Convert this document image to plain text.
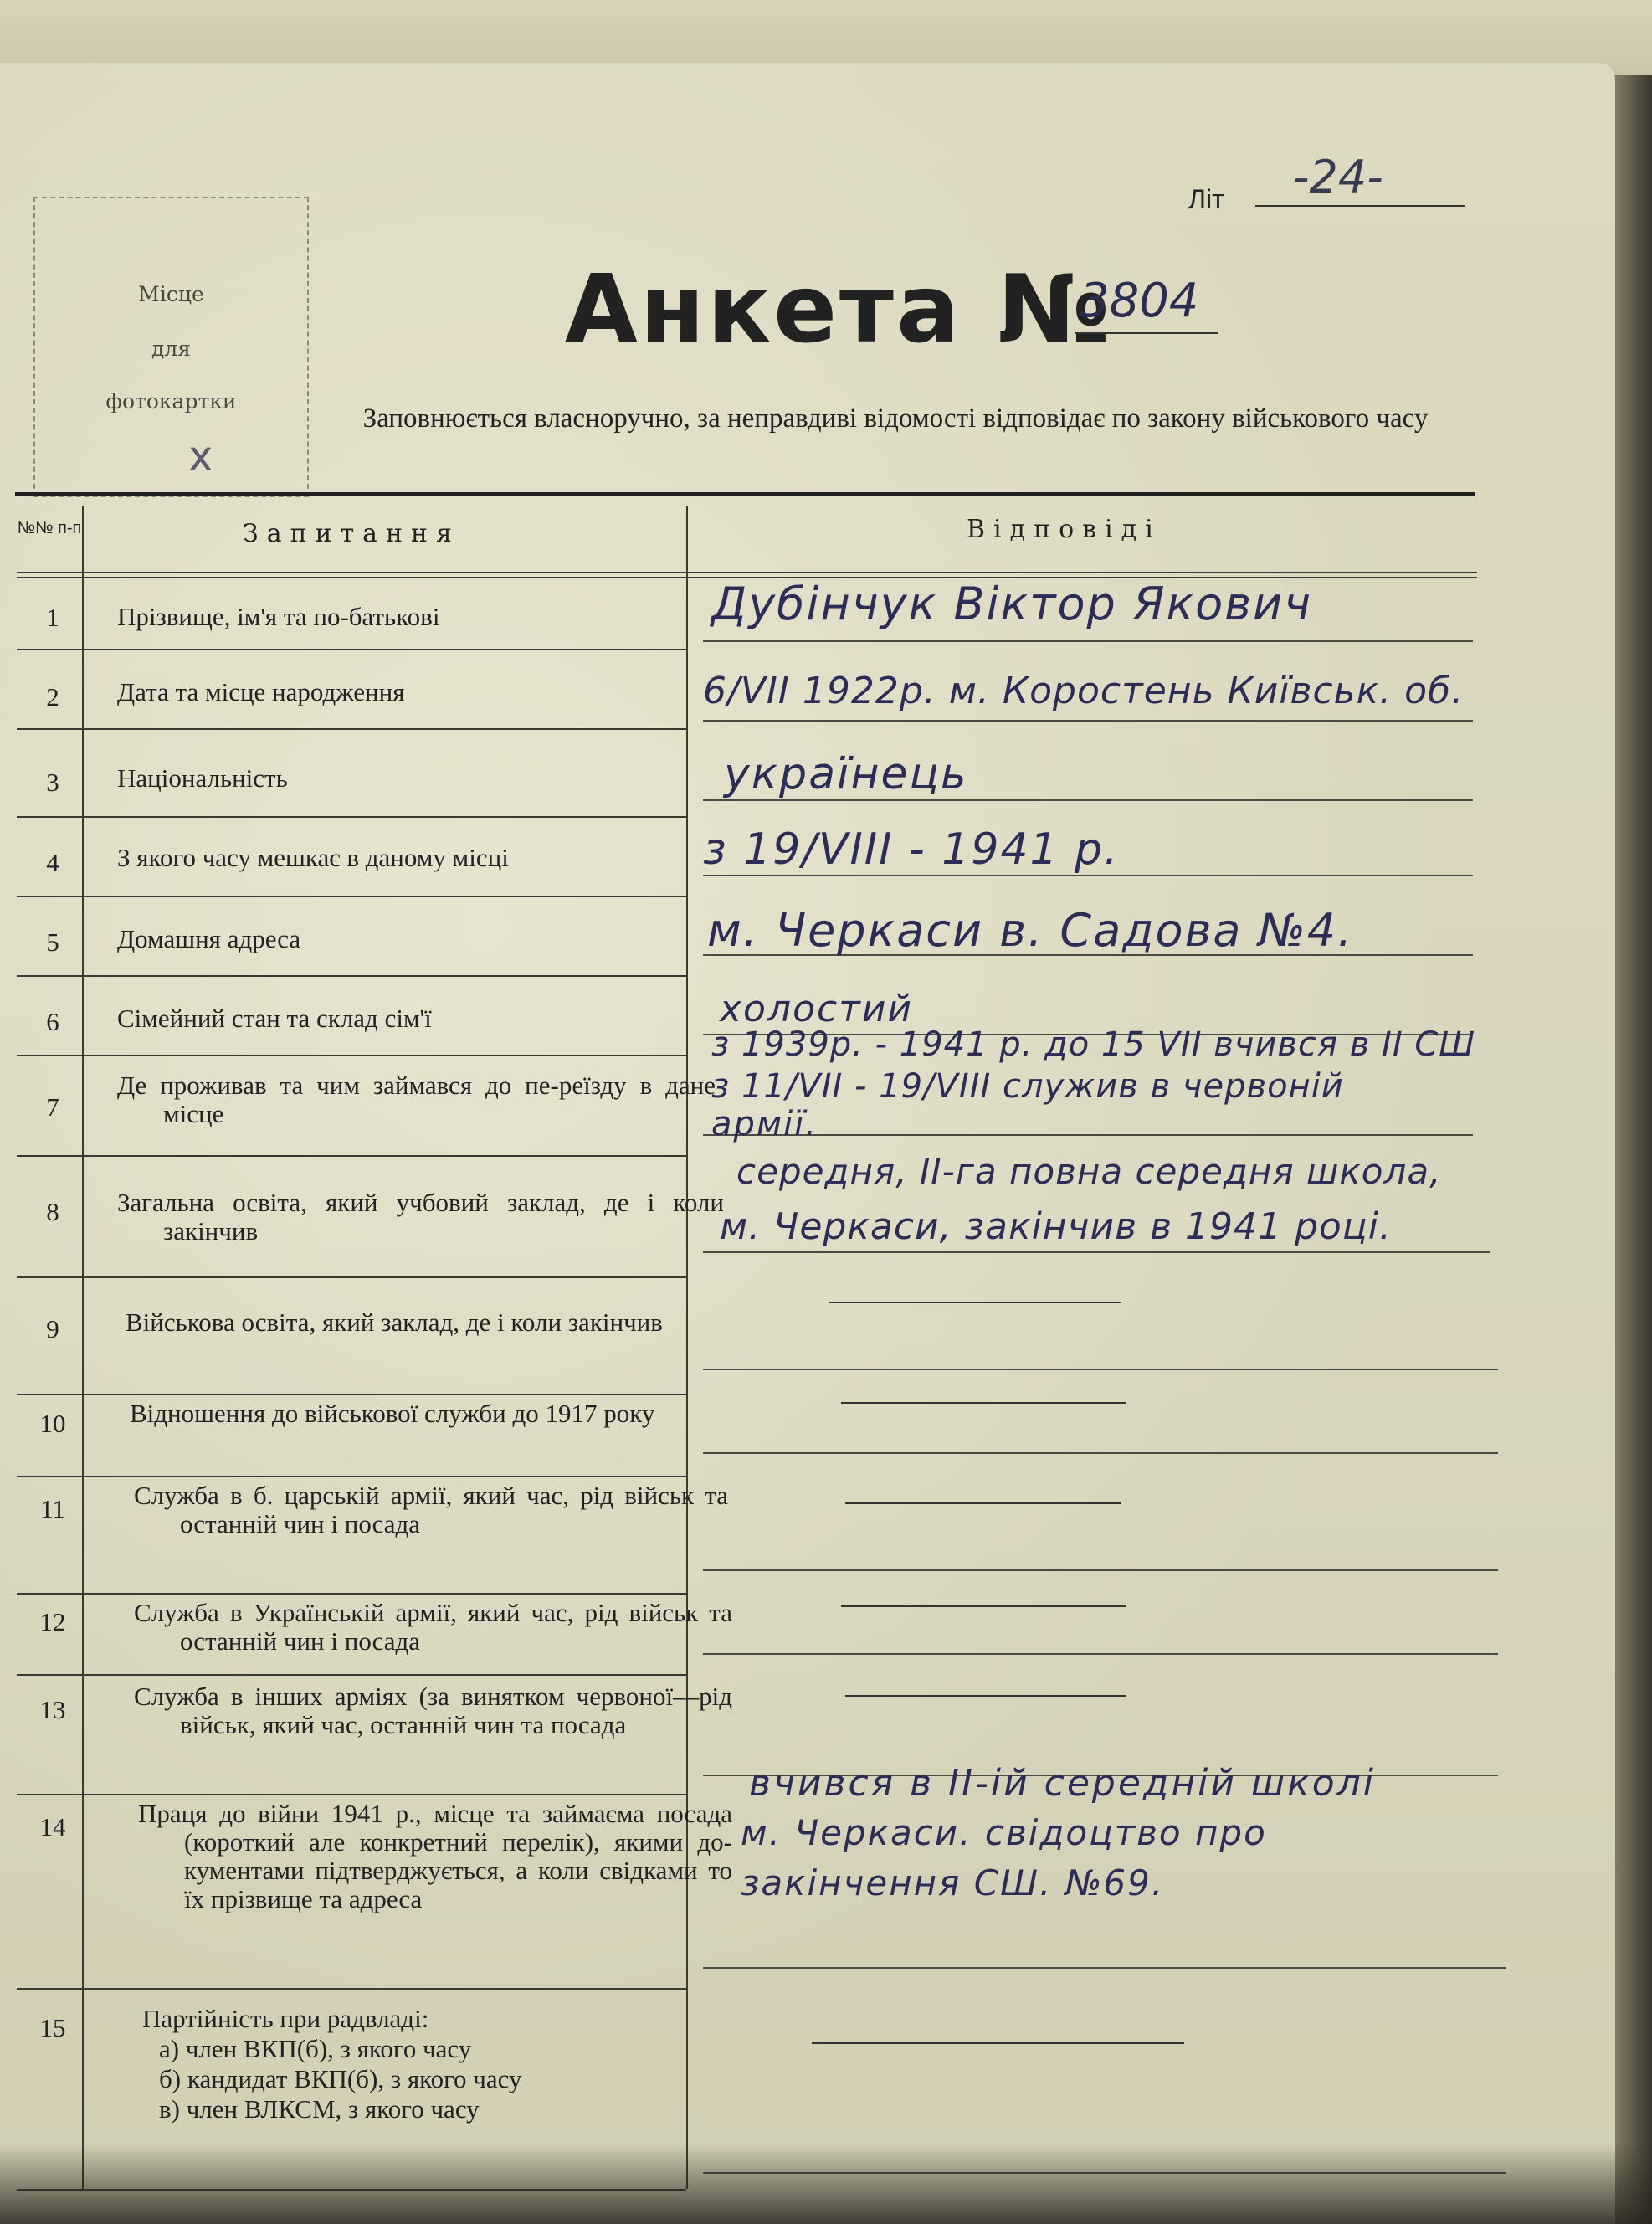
Місце
для
фотокартки
x
Літ -24-
Анкета №
3804
Заповнюється власноручно, за неправдиві відомості відповідає по закону військового часу
№№ п-п	Запитання	Відповіді
1
2
3
4
5
6
7
8
9
10
11
12
13
14
15
Прізвище, ім'я та по-батькові
Дата та місце народження
Національність
З якого часу мешкає в даному місці
Домашня адреса
Сімейний стан та склад сім'ї
Де проживав та чим займався до пе-реїзду в дане місце
Загальна освіта, який учбовий заклад, де і коли закінчив
Військова освіта, який заклад, де і коли закінчив
Відношення до військової служби до 1917 року
Служба в б. царській армії, який час, рід військ та останній чин і посада
Служба в Українській армії, який час, рід військ та останній чин і посада
Служба в інших арміях (за винятком червоної—рід військ, який час, останній чин та посада
Праця до війни 1941 р., місце та займаєма посада (короткий але конкретний перелік), якими до-кументами підтверджується, а коли свідками то їх прізвище та адреса
Партійність при радвладі:
а) член ВКП(б), з якого часу
б) кандидат ВКП(б), з якого часу
в) член ВЛКСМ, з якого часу
Дубінчук Віктор Якович
6/VII 1922р. м. Коростень Київськ. об.
українець
з 19/VIII - 1941 р.
м. Черкаси в. Садова №4.
холостий
з 1939р. - 1941 р. до 15 VII вчився в II СШ
з 11/VII - 19/VIII служив в червоній
армії.
середня, II-га повна середня школа,
м. Черкаси, закінчив в 1941 році.
вчився в II-ій середній школі
м. Черкаси. свідоцтво про
закінчення СШ. №69.
